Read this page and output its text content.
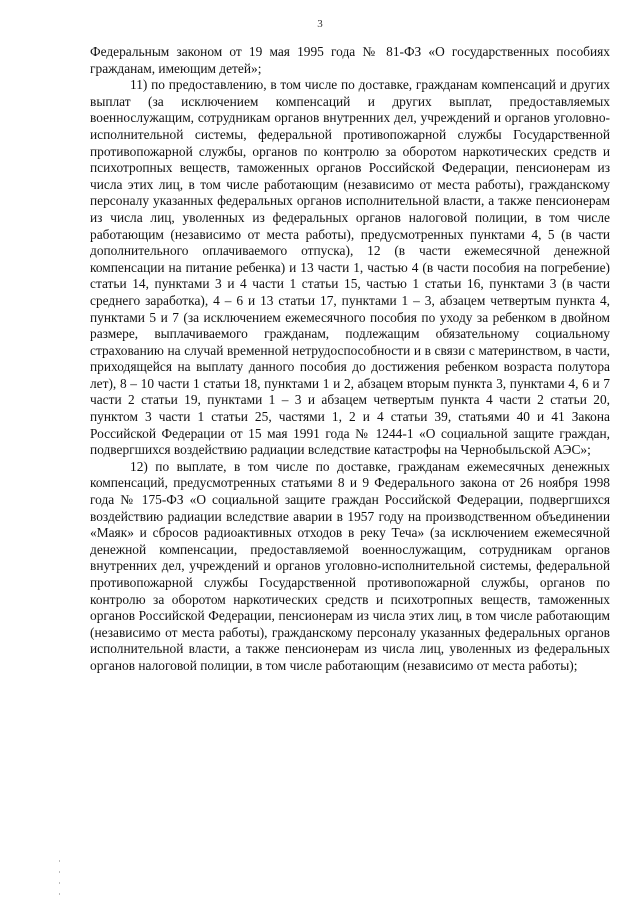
3

Федеральным законом от 19 мая 1995 года № 81-ФЗ «О государственных пособиях гражданам, имеющим детей»;

11) по предоставлению, в том числе по доставке, гражданам компенсаций и других выплат (за исключением компенсаций и других выплат, предоставляемых военнослужащим, сотрудникам органов внутренних дел, учреждений и органов уголовно-исполнительной системы, федеральной противопожарной службы Государственной противопожарной службы, органов по контролю за оборотом наркотических средств и психотропных веществ, таможенных органов Российской Федерации, пенсионерам из числа этих лиц, в том числе работающим (независимо от места работы), гражданскому персоналу указанных федеральных органов исполнительной власти, а также пенсионерам из числа лиц, уволенных из федеральных органов налоговой полиции, в том числе работающим (независимо от места работы), предусмотренных пунктами 4, 5 (в части дополнительного оплачиваемого отпуска), 12 (в части ежемесячной денежной компенсации на питание ребенка) и 13 части 1, частью 4 (в части пособия на погребение) статьи 14, пунктами 3 и 4 части 1 статьи 15, частью 1 статьи 16, пунктами 3 (в части среднего заработка), 4 – 6 и 13 статьи 17, пунктами 1 – 3, абзацем четвертым пункта 4, пунктами 5 и 7 (за исключением ежемесячного пособия по уходу за ребенком в двойном размере, выплачиваемого гражданам, подлежащим обязательному социальному страхованию на случай временной нетрудоспособности и в связи с материнством, в части, приходящейся на выплату данного пособия до достижения ребенком возраста полутора лет), 8 – 10 части 1 статьи 18, пунктами 1 и 2, абзацем вторым пункта 3, пунктами 4, 6 и 7 части 2 статьи 19, пунктами 1 – 3 и абзацем четвертым пункта 4 части 2 статьи 20, пунктом 3 части 1 статьи 25, частями 1, 2 и 4 статьи 39, статьями 40 и 41 Закона Российской Федерации от 15 мая 1991 года № 1244-1 «О социальной защите граждан, подвергшихся воздействию радиации вследствие катастрофы на Чернобыльской АЭС»;

12) по выплате, в том числе по доставке, гражданам ежемесячных денежных компенсаций, предусмотренных статьями 8 и 9 Федерального закона от 26 ноября 1998 года № 175-ФЗ «О социальной защите граждан Российской Федерации, подвергшихся воздействию радиации вследствие аварии в 1957 году на производственном объединении «Маяк» и сбросов радиоактивных отходов в реку Теча» (за исключением ежемесячной денежной компенсации, предоставляемой военнослужащим, сотрудникам органов внутренних дел, учреждений и органов уголовно-исполнительной системы, федеральной противопожарной службы Государственной противопожарной службы, органов по контролю за оборотом наркотических средств и психотропных веществ, таможенных органов Российской Федерации, пенсионерам из числа этих лиц, в том числе работающим (независимо от места работы), гражданскому персоналу указанных федеральных органов исполнительной власти, а также пенсионерам из числа лиц, уволенных из федеральных органов налоговой полиции, в том числе работающим (независимо от места работы);
